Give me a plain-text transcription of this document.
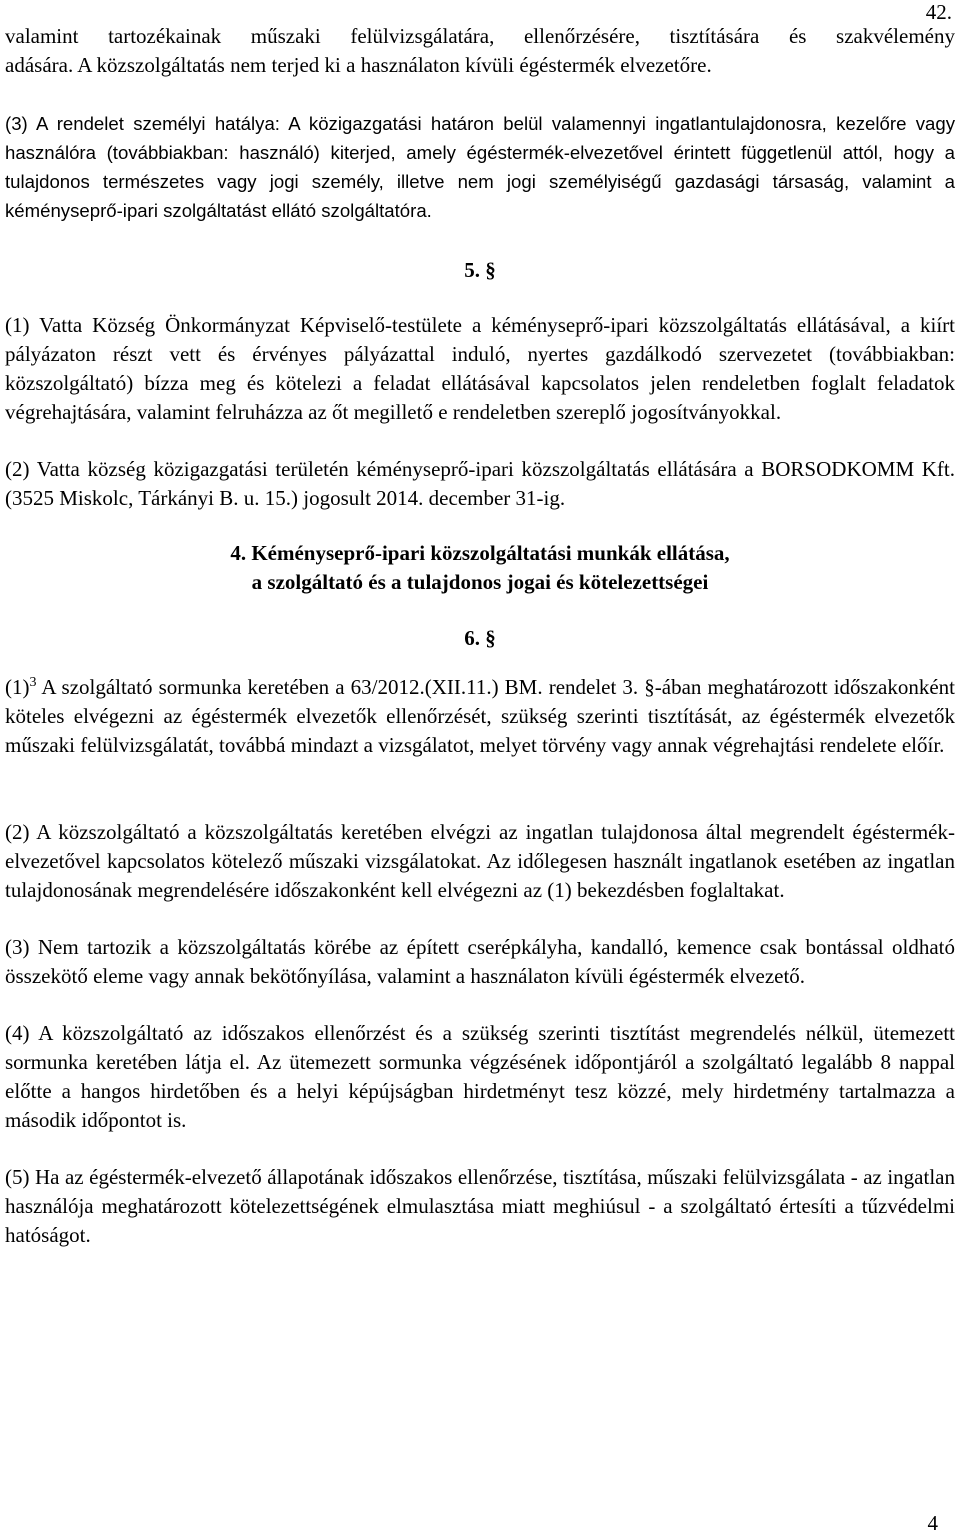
42.

valamint tartozékainak műszaki felülvizsgálatára, ellenőrzésére, tisztítására és szakvélemény

adására. A közszolgáltatás nem terjed ki a használaton kívüli égéstermék elvezetőre.

(3) A rendelet személyi hatálya: A közigazgatási határon belül valamennyi ingatlantulajdonosra, kezelőre vagy használóra (továbbiakban: használó) kiterjed, amely égéstermék-elvezetővel érintett függetlenül attól, hogy a tulajdonos természetes vagy jogi személy, illetve nem jogi személyiségű gazdasági társaság, valamint a kéményseprő-ipari szolgáltatást ellátó szolgáltatóra.

5. §

(1) Vatta Község Önkormányzat Képviselő-testülete a kéményseprő-ipari közszolgáltatás ellátásával, a kiírt pályázaton részt vett és érvényes pályázattal induló, nyertes gazdálkodó szervezetet (továbbiakban: közszolgáltató) bízza meg és kötelezi a feladat ellátásával kapcsolatos jelen rendeletben foglalt feladatok végrehajtására, valamint felruházza az őt megillető e rendeletben szereplő jogosítványokkal.

(2) Vatta község közigazgatási területén kéményseprő-ipari közszolgáltatás ellátására a BORSODKOMM Kft. (3525 Miskolc, Tárkányi B. u. 15.) jogosult 2014. december 31-ig.

4. Kéményseprő-ipari közszolgáltatási munkák ellátása,
a szolgáltató és a tulajdonos jogai és kötelezettségei
6. §

$(1)^3$ A szolgáltató sormunka keretében a 63/2012.(XII.11.) BM. rendelet 3. §-ában meghatározott időszakonként köteles elvégezni az égéstermék elvezetők ellenőrzését, szükség szerinti tisztítását, az égéstermék elvezetők műszaki felülvizsgálatát, továbbá mindazt a vizsgálatot, melyet törvény vagy annak végrehajtási rendelete előír.

(2) A közszolgáltató a közszolgáltatás keretében elvégzi az ingatlan tulajdonosa által megrendelt égéstermék-elvezetővel kapcsolatos kötelező műszaki vizsgálatokat. Az időlegesen használt ingatlanok esetében az ingatlan tulajdonosának megrendelésére időszakonként kell elvégezni az (1) bekezdésben foglaltakat.

(3) Nem tartozik a közszolgáltatás körébe az épített cserépkályha, kandalló, kemence csak bontással oldható összekötő eleme vagy annak bekötőnyílása, valamint a használaton kívüli égéstermék elvezető.

(4) A közszolgáltató az időszakos ellenőrzést és a szükség szerinti tisztítást megrendelés nélkül, ütemezett sormunka keretében látja el. Az ütemezett sormunka végzésének időpontjáról a szolgáltató legalább 8 nappal előtte a hangos hirdetőben és a helyi képújságban hirdetményt tesz közzé, mely hirdetmény tartalmazza a második időpontot is.

(5) Ha az égéstermék-elvezető állapotának időszakos ellenőrzése, tisztítása, műszaki felülvizsgálata - az ingatlan használója meghatározott kötelezettségének elmulasztása miatt meghiúsul - a szolgáltató értesíti a tűzvédelmi hatóságot.

4
